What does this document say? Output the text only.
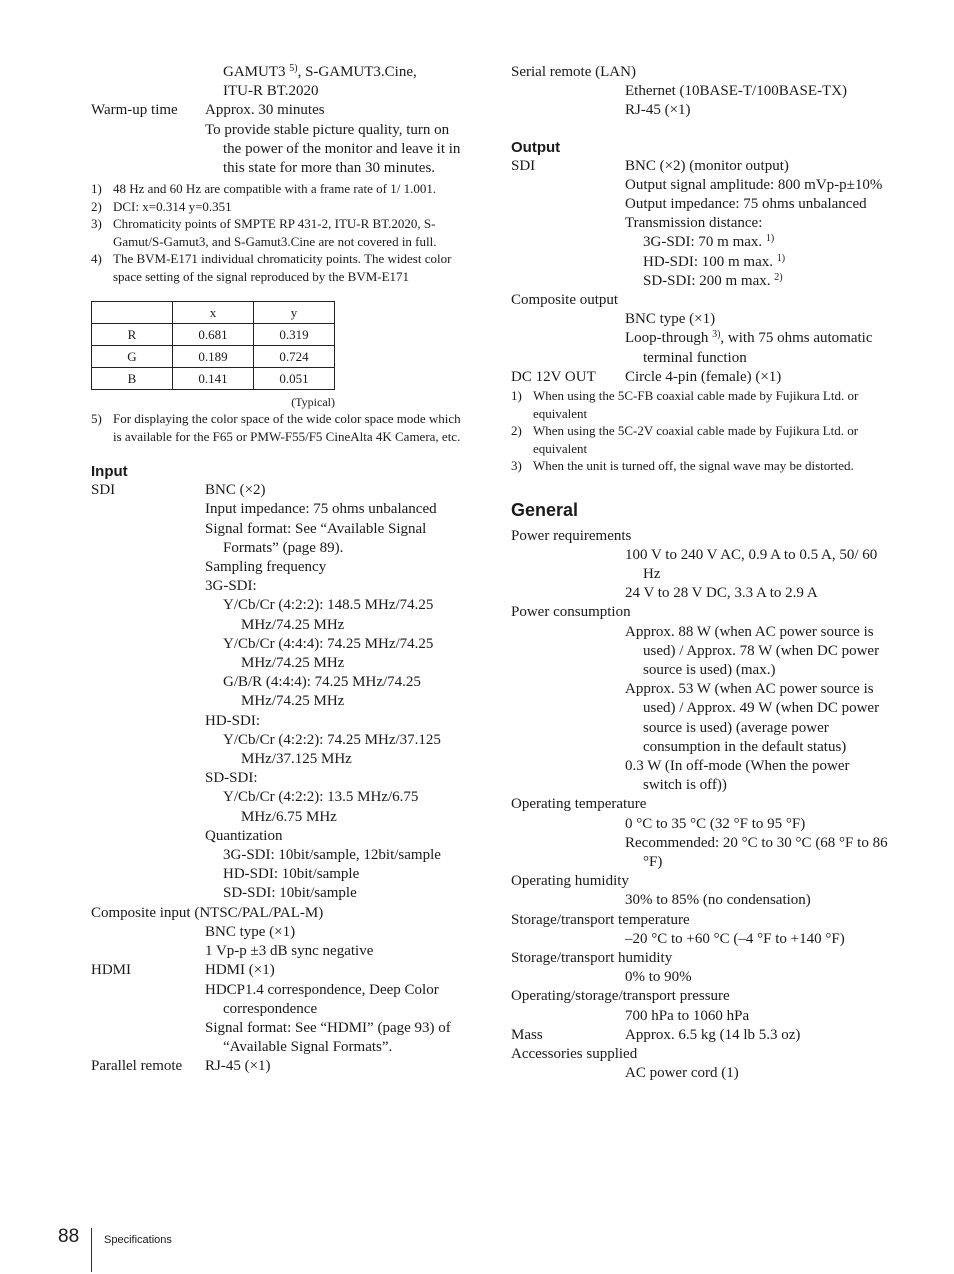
GAMUT3 $^{5)}$, S-GAMUT3.Cine,
ITU-R BT.2020
Warm-up time	Approx. 30 minutes
To provide stable picture quality, turn on the power of the monitor and leave it in this state for more than 30 minutes.
1) 48 Hz and 60 Hz are compatible with a frame rate of 1/ 1.001.
2) DCI: x=0.314 y=0.351
3) Chromaticity points of SMPTE RP 431-2, ITU-R BT.2020, S-Gamut/S-Gamut3, and S-Gamut3.Cine are not covered in full.
4) The BVM-E171 individual chromaticity points. The widest color space setting of the signal reproduced by the BVM-E171
	x	y
R	0.681	0.319
G	0.189	0.724
B	0.141	0.051
(Typical)
5) For displaying the color space of the wide color space mode which is available for the F65 or PMW-F55/F5 CineAlta 4K Camera, etc.
Input
SDI	BNC (×2)
Input impedance: 75 ohms unbalanced
Signal format: See “Available Signal Formats” (page 89).
Sampling frequency
3G-SDI:
Y/Cb/Cr (4:2:2): 148.5 MHz/74.25 MHz/74.25 MHz
Y/Cb/Cr (4:4:4): 74.25 MHz/74.25 MHz/74.25 MHz
G/B/R (4:4:4): 74.25 MHz/74.25 MHz/74.25 MHz
HD-SDI:
Y/Cb/Cr (4:2:2): 74.25 MHz/37.125 MHz/37.125 MHz
SD-SDI:
Y/Cb/Cr (4:2:2): 13.5 MHz/6.75 MHz/6.75 MHz
Quantization
3G-SDI: 10bit/sample, 12bit/sample
HD-SDI: 10bit/sample
SD-SDI: 10bit/sample
Composite input (NTSC/PAL/PAL-M)
BNC type (×1)
1 Vp-p ±3 dB sync negative
HDMI	HDMI (×1)
HDCP1.4 correspondence, Deep Color correspondence
Signal format: See “HDMI” (page 93) of “Available Signal Formats”.
Parallel remote	RJ-45 (×1)
Serial remote (LAN)
Ethernet (10BASE-T/100BASE-TX)
RJ-45 (×1)
Output
SDI	BNC (×2) (monitor output)
Output signal amplitude: 800 mVp-p±10%
Output impedance: 75 ohms unbalanced
Transmission distance:
3G-SDI: 70 m max. $^{1)}$
HD-SDI: 100 m max. $^{1)}$
SD-SDI: 200 m max. $^{2)}$
Composite output
BNC type (×1)
Loop-through $^{3)}$, with 75 ohms automatic terminal function
DC 12V OUT	Circle 4-pin (female) (×1)
1) When using the 5C-FB coaxial cable made by Fujikura Ltd. or equivalent
2) When using the 5C-2V coaxial cable made by Fujikura Ltd. or equivalent
3) When the unit is turned off, the signal wave may be distorted.
General
Power requirements
100 V to 240 V AC, 0.9 A to 0.5 A, 50/ 60 Hz
24 V to 28 V DC, 3.3 A to 2.9 A
Power consumption
Approx. 88 W (when AC power source is used) / Approx. 78 W (when DC power source is used) (max.)
Approx. 53 W (when AC power source is used) / Approx. 49 W (when DC power source is used) (average power consumption in the default status)
0.3 W (In off-mode (When the power switch is off))
Operating temperature
0 °C to 35 °C (32 °F to 95 °F)
Recommended: 20 °C to 30 °C (68 °F to 86 °F)
Operating humidity
30% to 85% (no condensation)
Storage/transport temperature
–20 °C to +60 °C (–4 °F to +140 °F)
Storage/transport humidity
0% to 90%
Operating/storage/transport pressure
700 hPa to 1060 hPa
Mass	Approx. 6.5 kg (14 lb 5.3 oz)
Accessories supplied
AC power cord (1)
88 Specifications
